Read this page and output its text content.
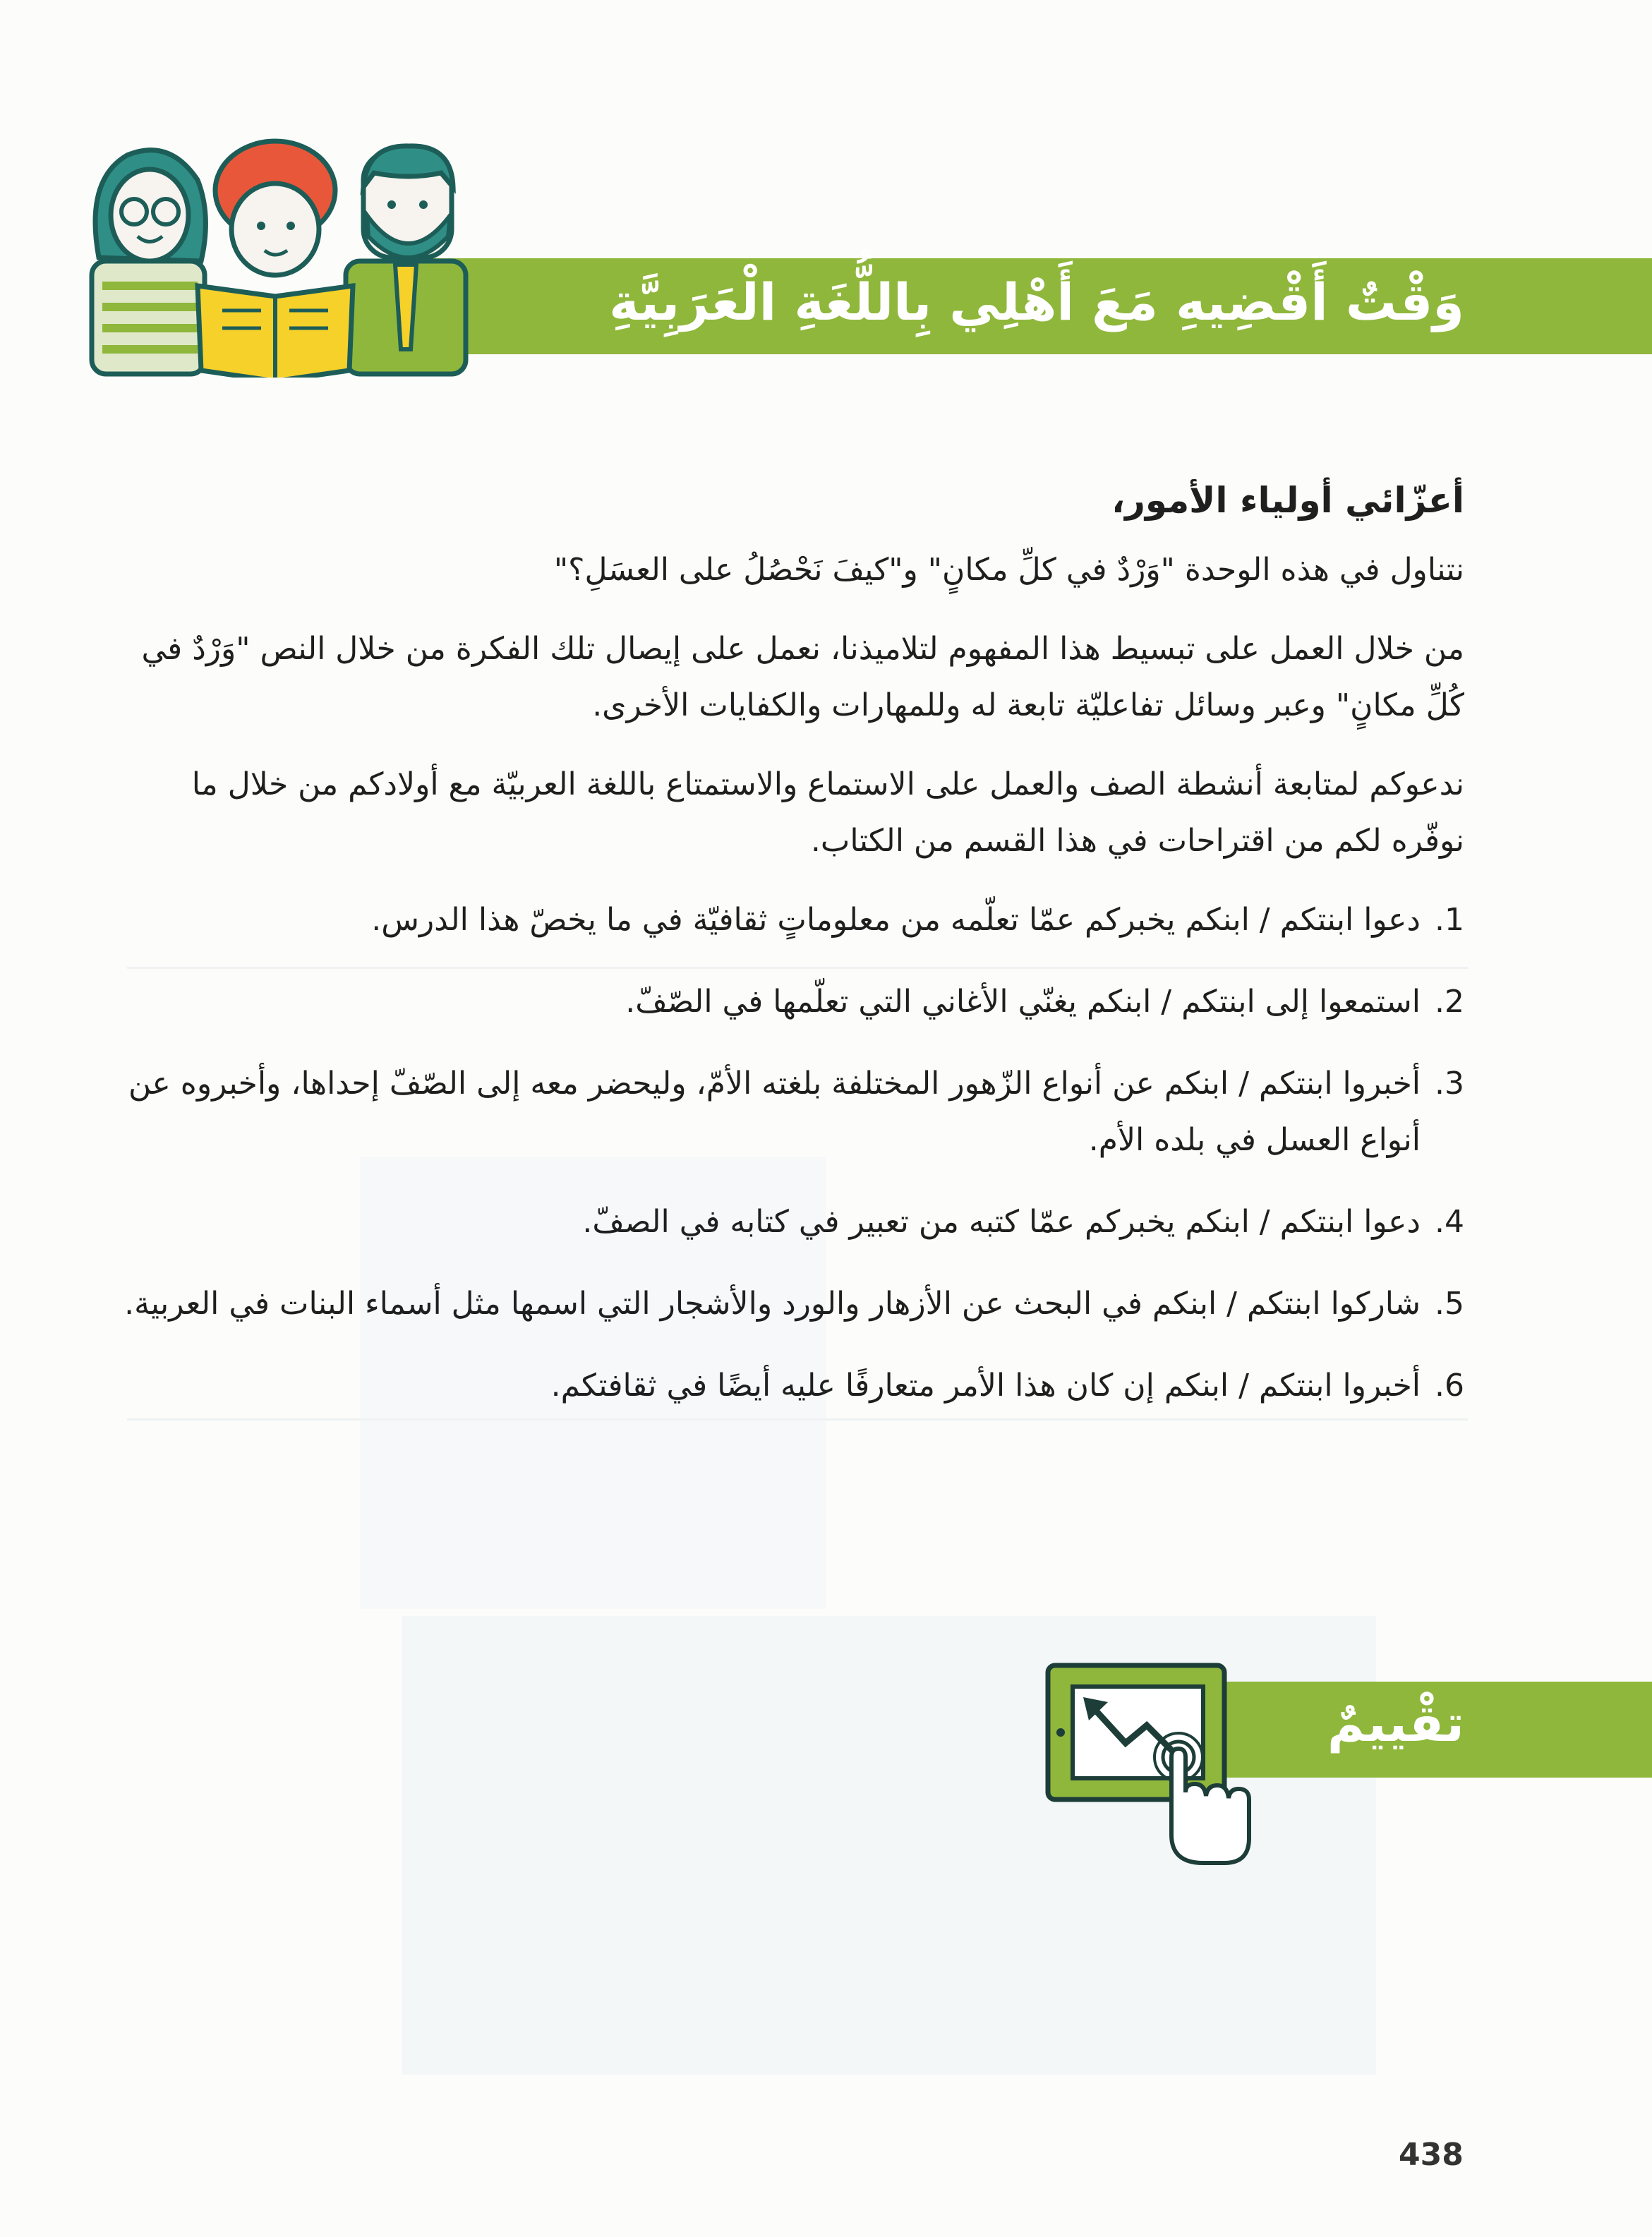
وَقْتٌ أَقْضِيهِ مَعَ أَهْلِي بِاللُّغَةِ الْعَرَبِيَّةِ

أعزّائي أولياء الأمور،

نتناول في هذه الوحدة "وَرْدٌ في كلِّ مكانٍ" و"كيفَ نَحْصُلُ على العسَلِ؟"

من خلال العمل على تبسيط هذا المفهوم لتلاميذنا، نعمل على إيصال تلك الفكرة من خلال النص "وَرْدٌ في كُلِّ مكانٍ" وعبر وسائل تفاعليّة تابعة له وللمهارات والكفايات الأخرى.

ندعوكم لمتابعة أنشطة الصف والعمل على الاستماع والاستمتاع باللغة العربيّة مع أولادكم من خلال ما نوفّره لكم من اقتراحات في هذا القسم من الكتاب.

1.
دعوا ابنتكم / ابنكم يخبركم عمّا تعلّمه من معلوماتٍ ثقافيّة في ما يخصّ هذا الدرس.
2.
استمعوا إلى ابنتكم / ابنكم يغنّي الأغاني التي تعلّمها في الصّفّ.
3.
أخبروا ابنتكم / ابنكم عن أنواع الزّهور المختلفة بلغته الأمّ، وليحضر معه إلى الصّفّ إحداها، وأخبروه عن أنواع العسل في بلده الأم.
4.
دعوا ابنتكم / ابنكم يخبركم عمّا كتبه من تعبير في كتابه في الصفّ.
5.
شاركوا ابنتكم / ابنكم في البحث عن الأزهار والورد والأشجار التي اسمها مثل أسماء البنات في العربية.
6.
أخبروا ابنتكم / ابنكم إن كان هذا الأمر متعارفًا عليه أيضًا في ثقافتكم.
تقْييمٌ
438
